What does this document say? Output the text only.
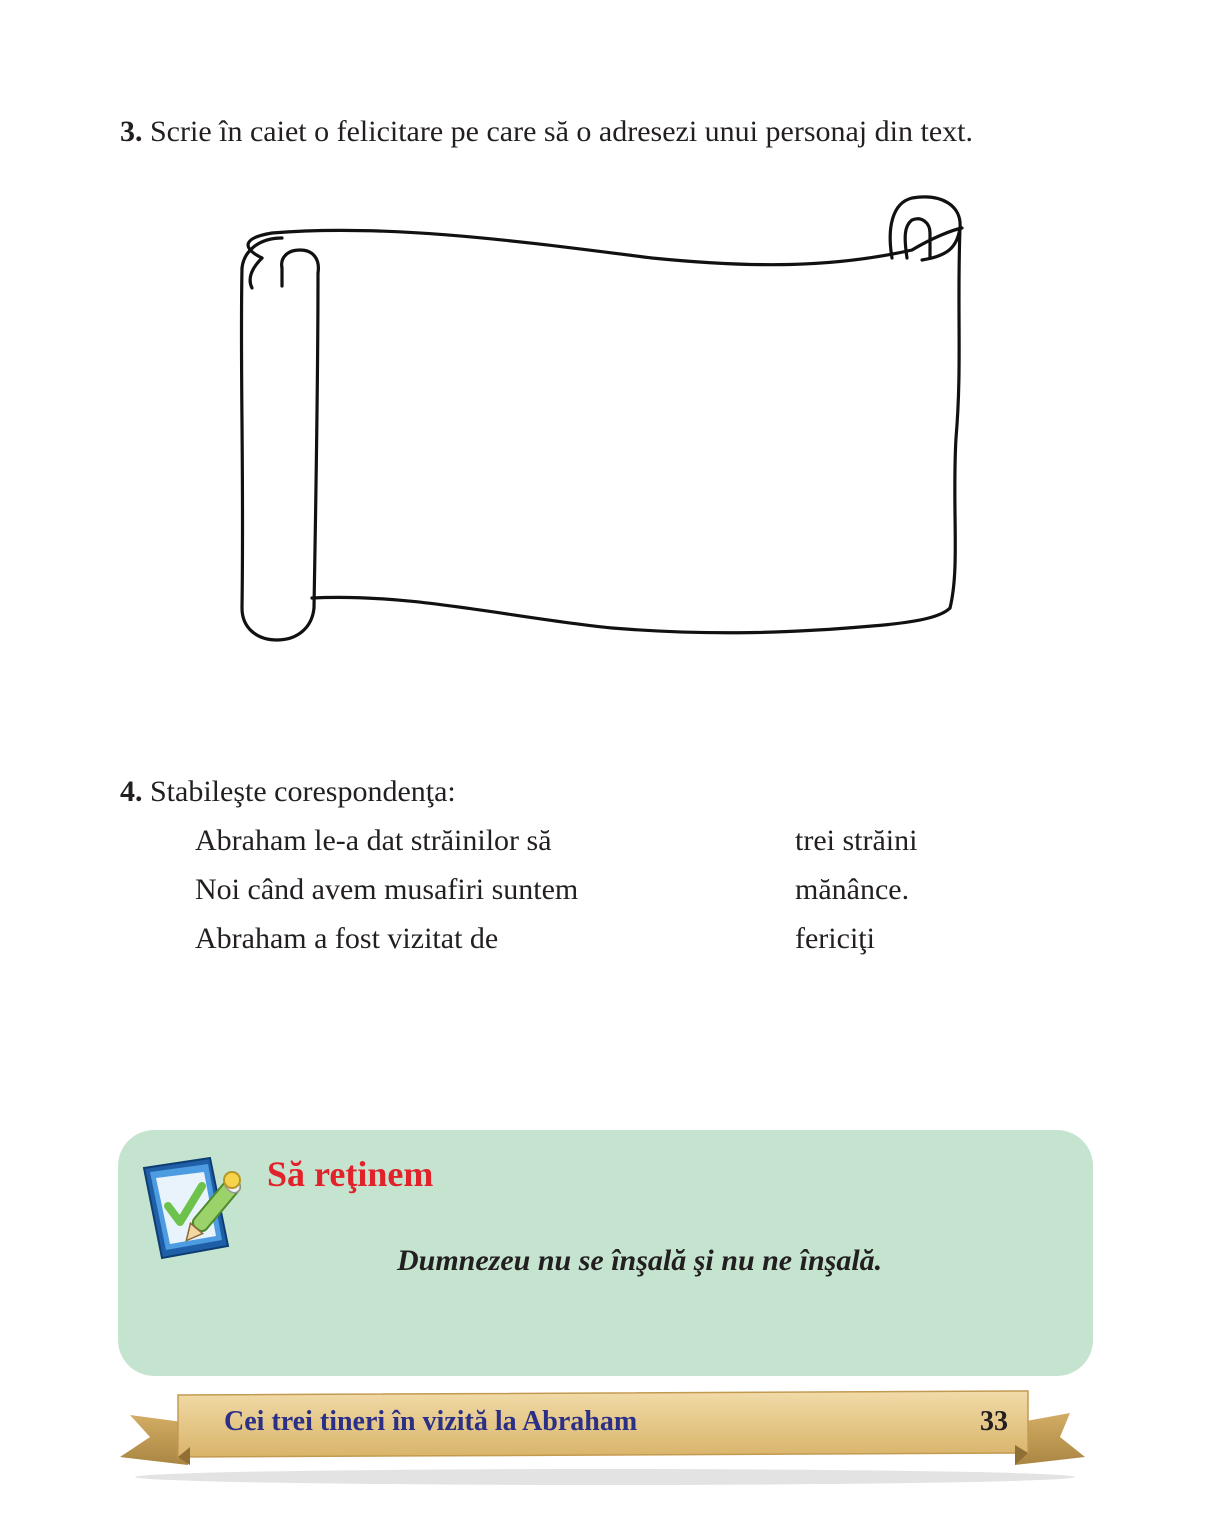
3. Scrie în caiet o felicitare pe care să o adresezi unui personaj din text.
4. Stabileşte corespondenţa:
Abraham le-a dat străinilor să
Noi când avem musafiri suntem
Abraham a fost vizitat de
trei străini
mănânce.
fericiţi
Să reţinem
Dumnezeu nu se înşală şi nu ne înşală.
Cei trei tineri în vizită la Abraham	33
